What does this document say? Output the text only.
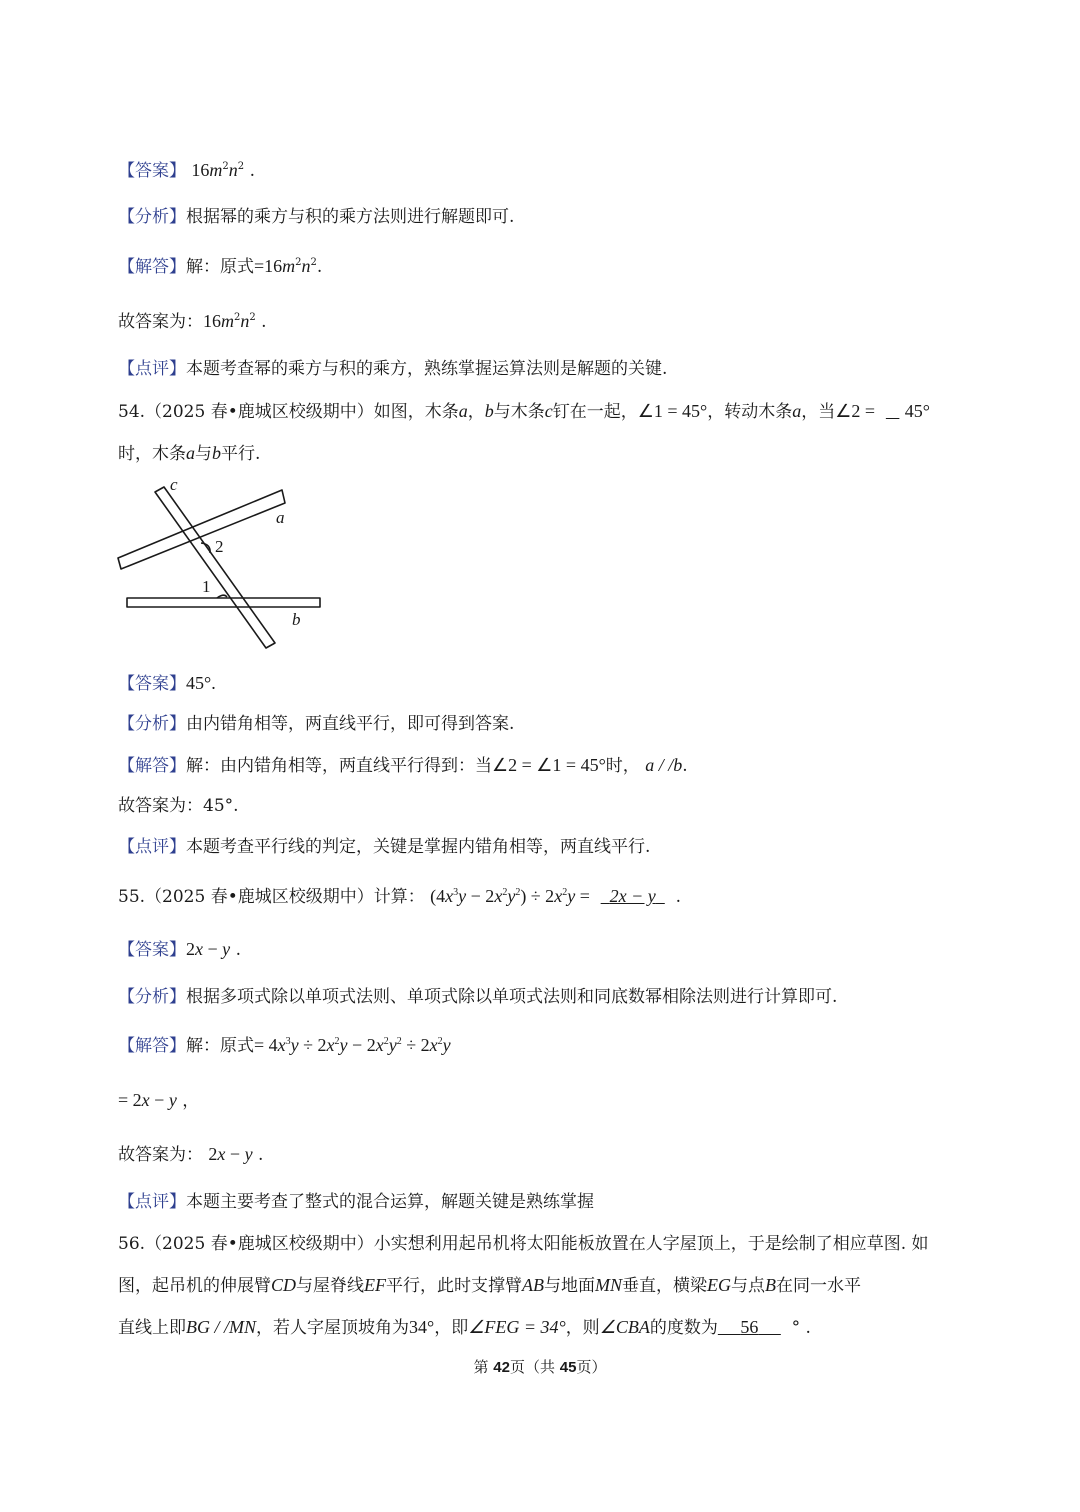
【答案】 $16m^2n^2$ .
【分析】根据幂的乘方与积的乘方法则进行解题即可.
【解答】解：原式$=16m^2n^2$.
故答案为：$16m^2n^2$ .
【点评】本题考查幂的乘方与积的乘方，熟练掌握运算法则是解题的关键.
54.（2025 春•鹿城区校级期中）如图，木条a，b与木条c钉在一起，∠1 = 45°，转动木条a，当∠2 = 45°
时，木条a与b平行.
c
a
2
1
b
【答案】45°.
【分析】由内错角相等，两直线平行，即可得到答案.
【解答】解：由内错角相等，两直线平行得到：当∠2 = ∠1 = 45°时， a / /b.
故答案为：45°.
【点评】本题考查平行线的判定，关键是掌握内错角相等，两直线平行.
55.（2025 春•鹿城区校级期中）计算： $(4x^3y - 2x^2y^2) \div 2x^2y = 2x - y$ .
【答案】2x − y .
【分析】根据多项式除以单项式法则、单项式除以单项式法则和同底数幂相除法则进行计算即可.
【解答】解：原式= $4x^3y \div 2x^2y - 2x^2y^2 \div 2x^2y$
= 2x − y ，
故答案为： 2x − y .
【点评】本题主要考查了整式的混合运算，解题关键是熟练掌握
56.（2025 春•鹿城区校级期中）小实想利用起吊机将太阳能板放置在人字屋顶上，于是绘制了相应草图. 如
图，起吊机的伸展臂CD与屋脊线EF平行，此时支撑臂AB与地面MN垂直，横梁EG与点B在同一水平
直线上即BG / /MN，若人字屋顶坡角为34°，即∠FEG = 34°，则∠CBA的度数为 56 ° .
第 42页（共 45页）
